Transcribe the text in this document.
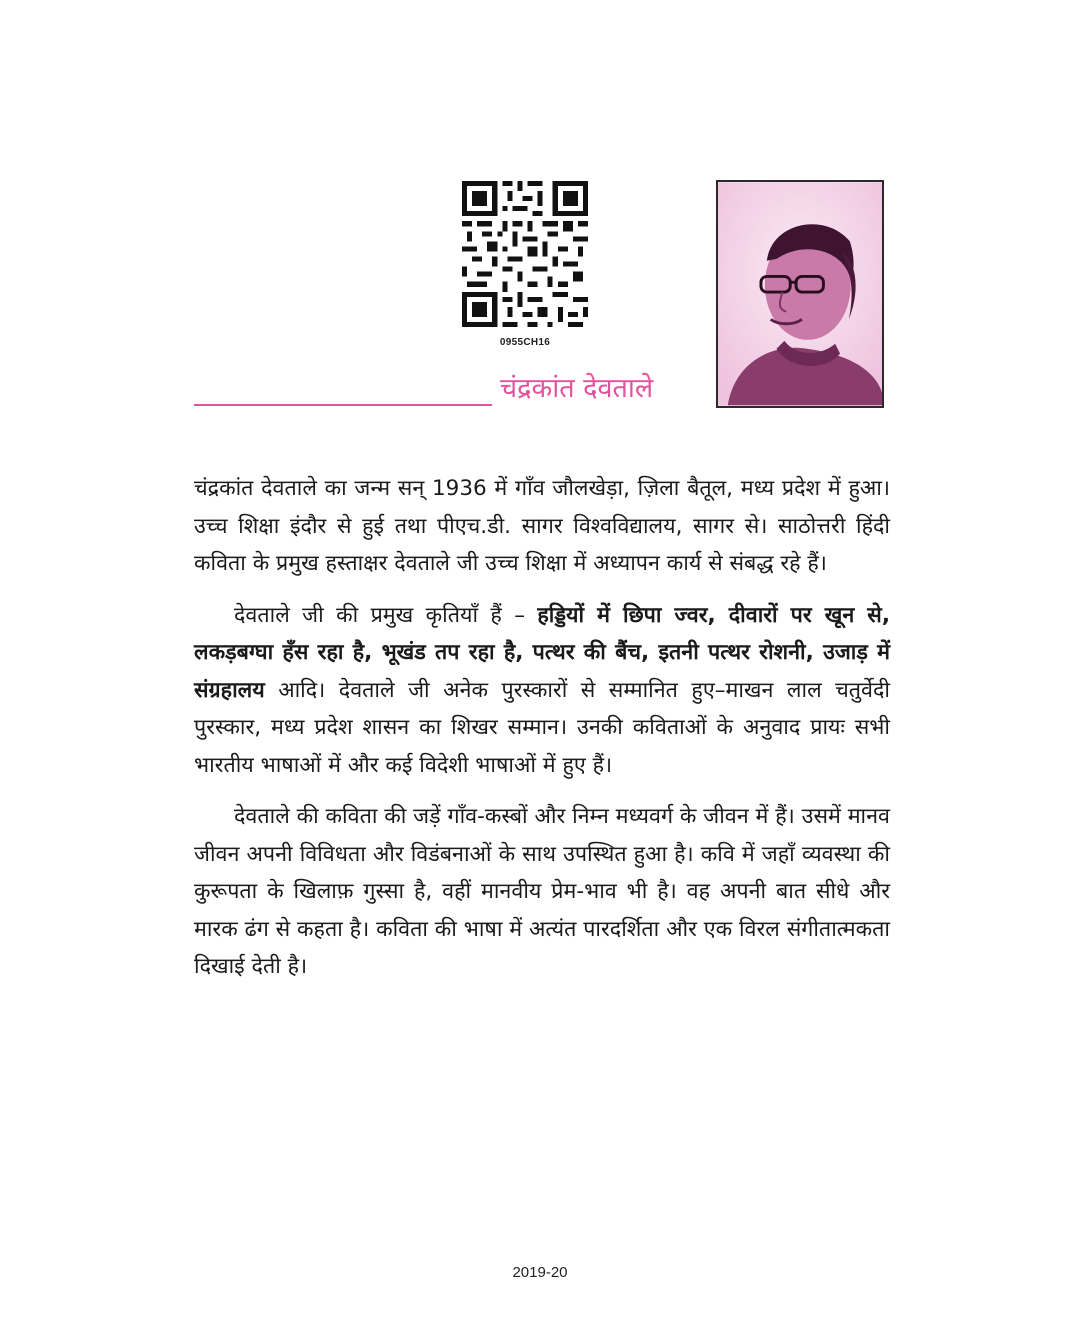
0955CH16
चंद्रकांत देवताले

चंद्रकांत देवताले का जन्म सन् 1936 में गाँव जौलखेड़ा, ज़िला बैतूल, मध्य प्रदेश में हुआ। उच्च शिक्षा इंदौर से हुई तथा पीएच.डी. सागर विश्वविद्यालय, सागर से। साठोत्तरी हिंदी कविता के प्रमुख हस्ताक्षर देवताले जी उच्च शिक्षा में अध्यापन कार्य से संबद्ध रहे हैं।

देवताले जी की प्रमुख कृतियाँ हैं – हड्डियों में छिपा ज्वर, दीवारों पर खून से, लकड़बग्घा हँस रहा है, भूखंड तप रहा है, पत्थर की बैंच, इतनी पत्थर रोशनी, उजाड़ में संग्रहालय आदि। देवताले जी अनेक पुरस्कारों से सम्मानित हुए–माखन लाल चतुर्वेदी पुरस्कार, मध्य प्रदेश शासन का शिखर सम्मान। उनकी कविताओं के अनुवाद प्रायः सभी भारतीय भाषाओं में और कई विदेशी भाषाओं में हुए हैं।

देवताले की कविता की जड़ें गाँव-कस्बों और निम्न मध्यवर्ग के जीवन में हैं। उसमें मानव जीवन अपनी विविधता और विडंबनाओं के साथ उपस्थित हुआ है। कवि में जहाँ व्यवस्था की कुरूपता के खिलाफ़ गुस्सा है, वहीं मानवीय प्रेम-भाव भी है। वह अपनी बात सीधे और मारक ढंग से कहता है। कविता की भाषा में अत्यंत पारदर्शिता और एक विरल संगीतात्मकता दिखाई देती है।

2019-20
